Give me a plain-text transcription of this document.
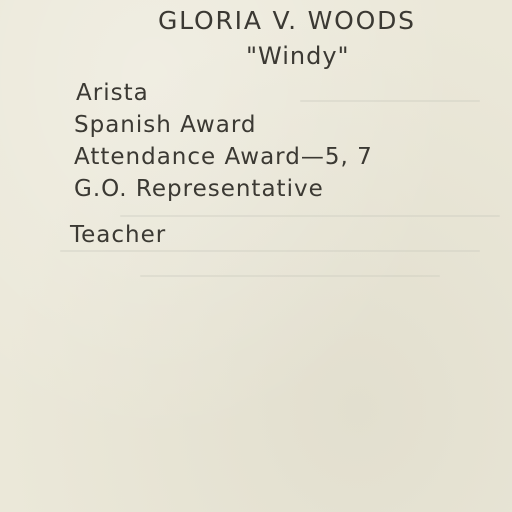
GLORIA V. WOODS
"Windy"
Arista
Spanish Award
Attendance Award—5, 7
G.O. Representative
Teacher
